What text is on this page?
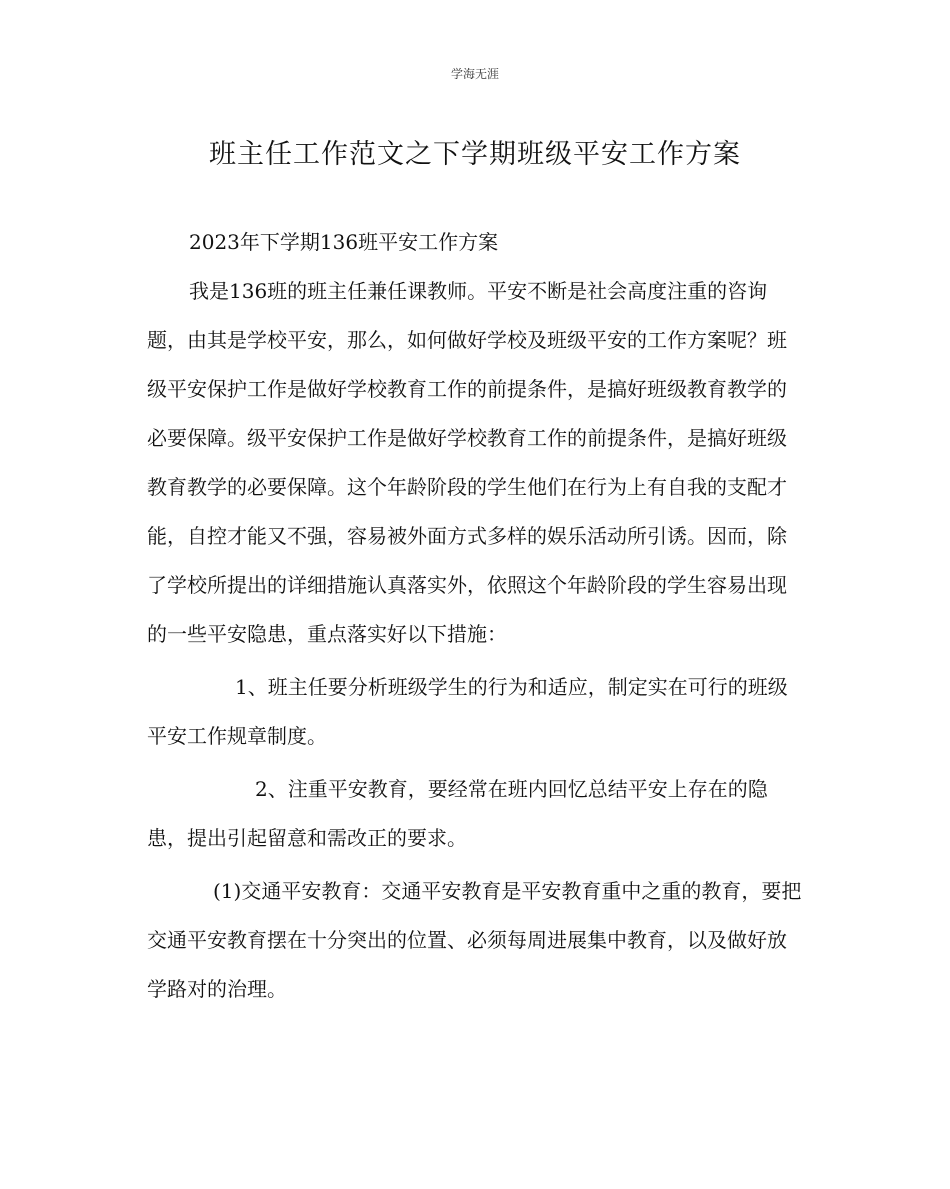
学海无涯
班主任工作范文之下学期班级平安工作方案

2023年下学期136班平安工作方案

我是136班的班主任兼任课教师。平安不断是社会高度注重的咨询题，由其是学校平安，那么，如何做好学校及班级平安的工作方案呢？班级平安保护工作是做好学校教育工作的前提条件，是搞好班级教育教学的必要保障。级平安保护工作是做好学校教育工作的前提条件，是搞好班级教育教学的必要保障。这个年龄阶段的学生他们在行为上有自我的支配才能，自控才能又不强，容易被外面方式多样的娱乐活动所引诱。因而，除了学校所提出的详细措施认真落实外，依照这个年龄阶段的学生容易出现的一些平安隐患，重点落实好以下措施：

1、班主任要分析班级学生的行为和适应，制定实在可行的班级平安工作规章制度。

2、注重平安教育，要经常在班内回忆总结平安上存在的隐患，提出引起留意和需改正的要求。

(1)交通平安教育：交通平安教育是平安教育重中之重的教育，要把交通平安教育摆在十分突出的位置、必须每周进展集中教育，以及做好放学路对的治理。
